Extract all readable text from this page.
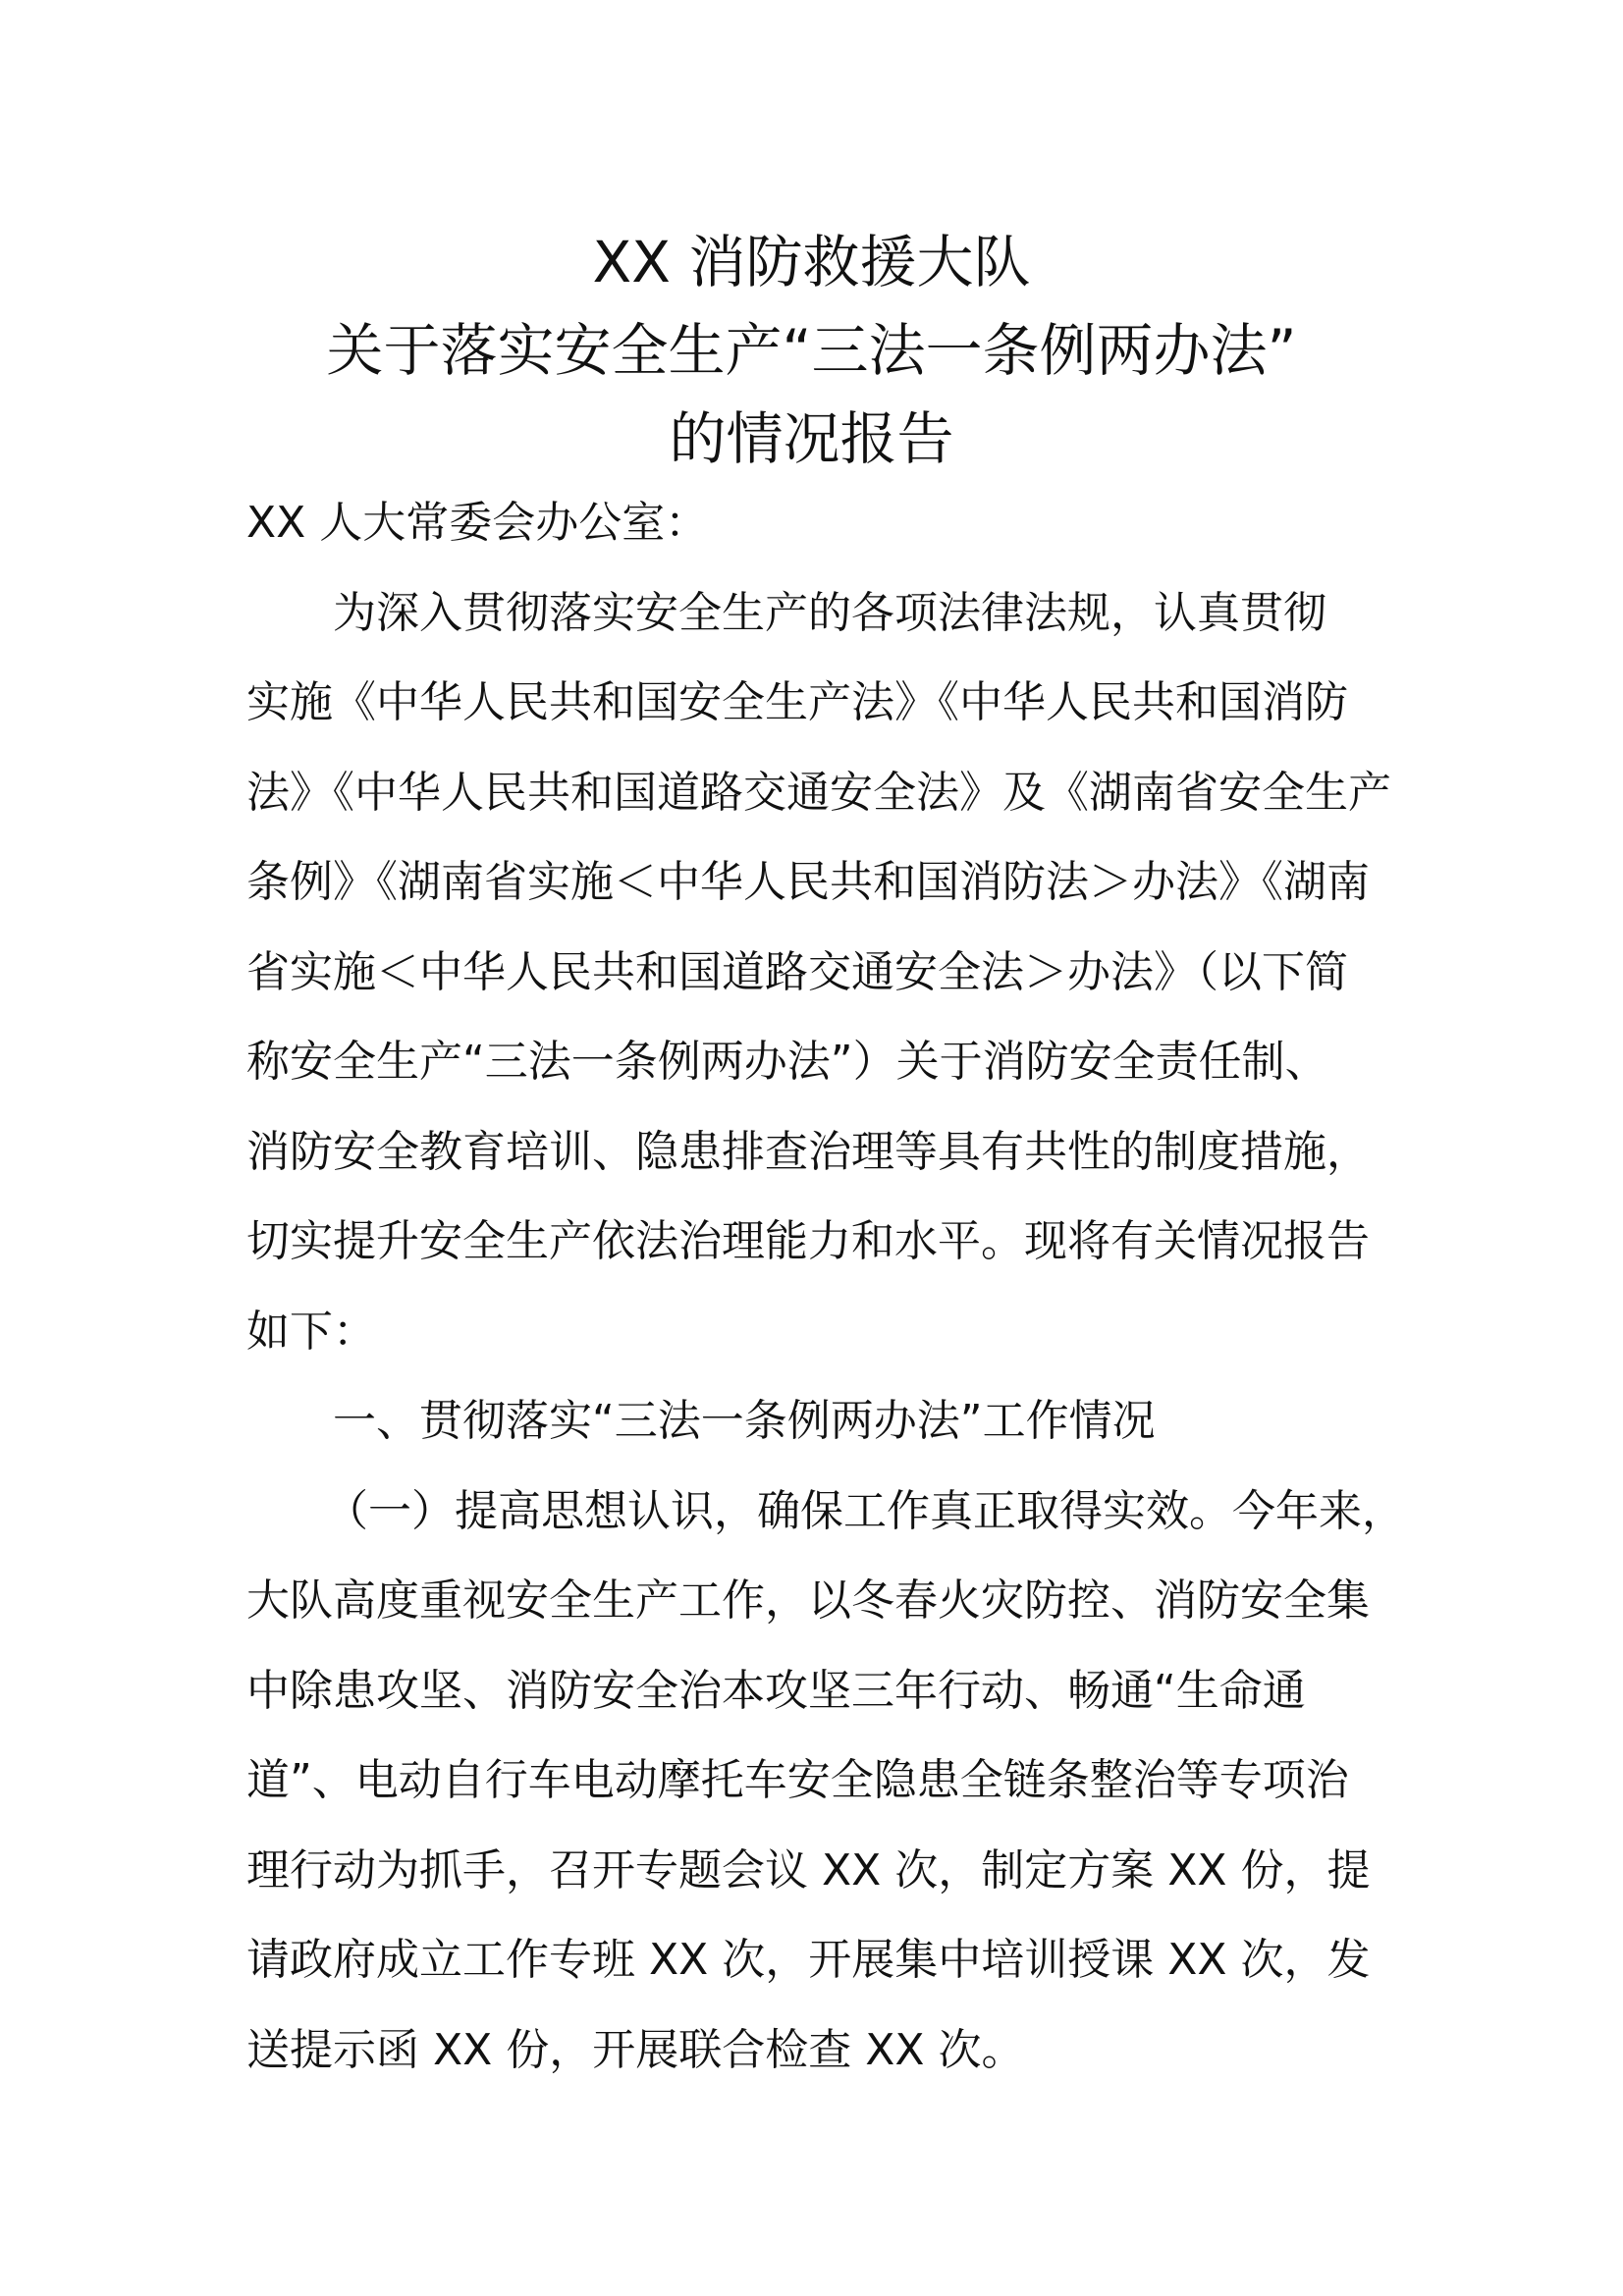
XX 消防救援大队
关于落实安全生产“三法一条例两办法”
的情况报告
XX 人大常委会办公室：
为深入贯彻落实安全生产的各项法律法规，认真贯彻
实施《中华人民共和国安全生产法》《中华人民共和国消防
法》《中华人民共和国道路交通安全法》及《湖南省安全生产
条例》《湖南省实施＜中华人民共和国消防法＞办法》《湖南
省实施＜中华人民共和国道路交通安全法＞办法》（以下简
称安全生产“三法一条例两办法”）关于消防安全责任制、
消防安全教育培训、隐患排查治理等具有共性的制度措施，
切实提升安全生产依法治理能力和水平。现将有关情况报告
如下：
一、贯彻落实“三法一条例两办法”工作情况
（一）提高思想认识，确保工作真正取得实效。今年来，
大队高度重视安全生产工作，以冬春火灾防控、消防安全集
中除患攻坚、消防安全治本攻坚三年行动、畅通“生命通
道”、电动自行车电动摩托车安全隐患全链条整治等专项治
理行动为抓手，召开专题会议 XX 次，制定方案 XX 份，提
请政府成立工作专班 XX 次，开展集中培训授课 XX 次，发
送提示函 XX 份，开展联合检查 XX 次。
